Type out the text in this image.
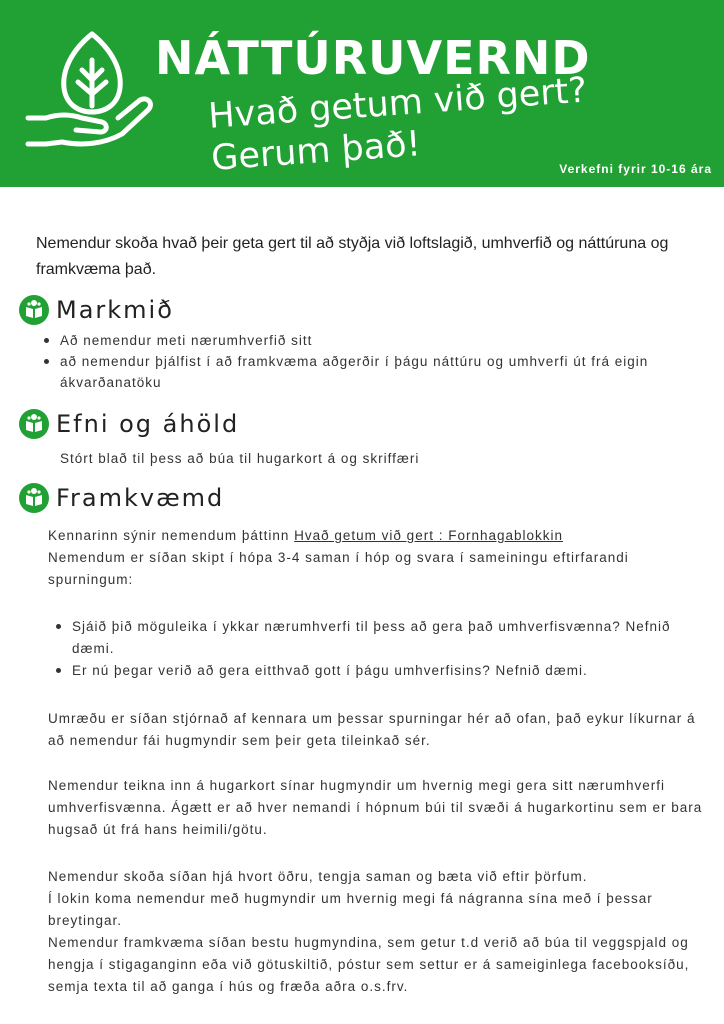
NÁTTÚRUVERND
Hvað getum við gert?
Gerum það!	Verkefni fyrir 10-16 ára

Nemendur skoða hvað þeir geta gert til að styðja við loftslagið, umhverfið og náttúruna og framkvæma það.

Markmið
Að nemendur meti nærumhverfið sitt
að nemendur þjálfist í að framkvæma aðgerðir í þágu náttúru og umhverfi út frá eigin ákvarðanatöku
Efni og áhöld

Stórt blað til þess að búa til hugarkort á og skriffæri

Framkvæmd
Kennarinn sýnir nemendum þáttinn Hvað getum við gert : Fornhagablokkin
Nemendum er síðan skipt í hópa 3-4 saman í hóp og svara í sameiningu eftirfarandi spurningum:
Sjáið þið möguleika í ykkar nærumhverfi til þess að gera það umhverfisvænna? Nefnið dæmi.
Er nú þegar verið að gera eitthvað gott í þágu umhverfisins? Nefnið dæmi.

Umræðu er síðan stjórnað af kennara um þessar spurningar hér að ofan, það eykur líkurnar á að nemendur fái hugmyndir sem þeir geta tileinkað sér.

Nemendur teikna inn á hugarkort sínar hugmyndir um hvernig megi gera sitt nærumhverfi umhverfisvænna. Ágætt er að hver nemandi í hópnum búi til svæði á hugarkortinu sem er bara hugsað út frá hans heimili/götu.

Nemendur skoða síðan hjá hvort öðru, tengja saman og bæta við eftir þörfum.
Í lokin koma nemendur með hugmyndir um hvernig megi fá nágranna sína með í þessar breytingar.
Nemendur framkvæma síðan bestu hugmyndina, sem getur t.d verið að búa til veggspjald og hengja í stigaganginn eða við götuskiltið, póstur sem settur er á sameiginlega facebooksíðu, semja texta til að ganga í hús og fræða aðra o.s.frv.
